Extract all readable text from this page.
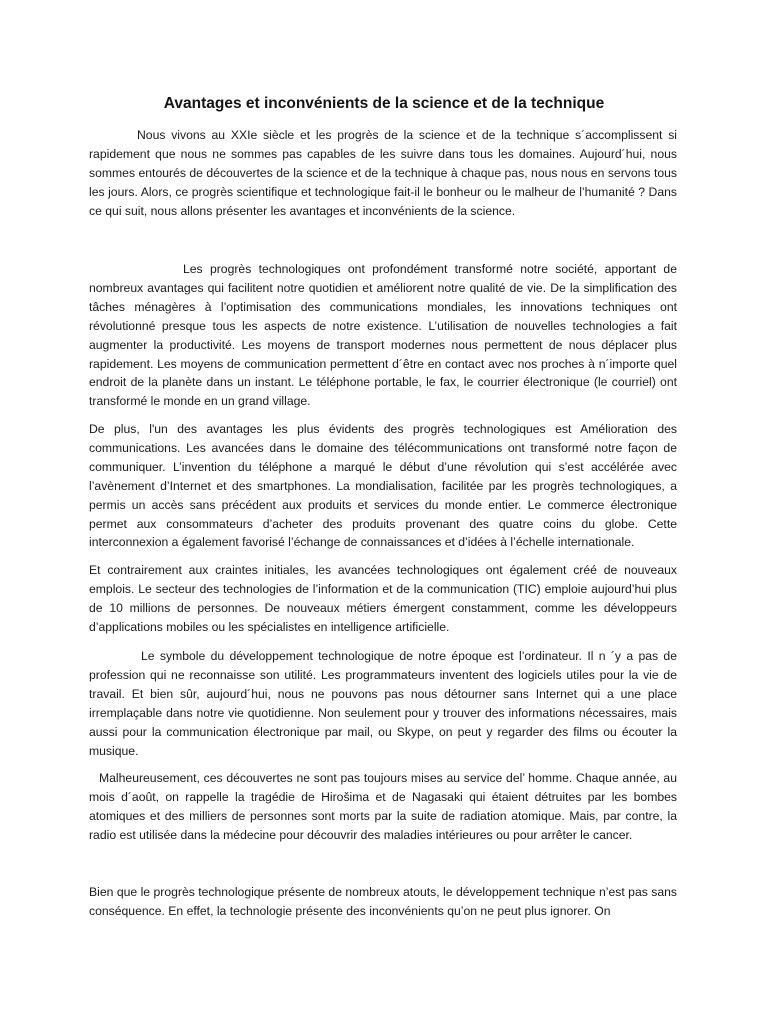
Avantages et inconvénients de la science et de la technique

Nous vivons au XXIe siècle et les progrès de la science et de la technique s´accomplissent si rapidement que nous ne sommes pas capables de les suivre dans tous les domaines. Aujourd´hui, nous sommes entourés de découvertes de la science et de la technique à chaque pas, nous nous en servons tous les jours. Alors, ce progrès scientifique et technologique fait-il le bonheur ou le malheur de l’humanité ? Dans ce qui suit, nous allons présenter les avantages et inconvénients de la science.

Les progrès technologiques ont profondément transformé notre société, apportant de nombreux avantages qui facilitent notre quotidien et améliorent notre qualité de vie. De la simplification des tâches ménagères à l’optimisation des communications mondiales, les innovations techniques ont révolutionné presque tous les aspects de notre existence. L’utilisation de nouvelles technologies a fait augmenter la productivité. Les moyens de transport modernes nous permettent de nous déplacer plus rapidement. Les moyens de communication permettent d´être en contact avec nos proches à n´importe quel endroit de la planète dans un instant. Le téléphone portable, le fax, le courrier électronique (le courriel) ont transformé le monde en un grand village.

De plus, l'un des avantages les plus évidents des progrès technologiques est Amélioration des communications. Les avancées dans le domaine des télécommunications ont transformé notre façon de communiquer. L’invention du téléphone a marqué le début d’une révolution qui s’est accélérée avec l’avènement d’Internet et des smartphones. La mondialisation, facilitée par les progrès technologiques, a permis un accès sans précédent aux produits et services du monde entier. Le commerce électronique permet aux consommateurs d’acheter des produits provenant des quatre coins du globe. Cette interconnexion a également favorisé l’échange de connaissances et d’idées à l’échelle internationale.

Et contrairement aux craintes initiales, les avancées technologiques ont également créé de nouveaux emplois. Le secteur des technologies de l’information et de la communication (TIC) emploie aujourd’hui plus de 10 millions de personnes. De nouveaux métiers émergent constamment, comme les développeurs d’applications mobiles ou les spécialistes en intelligence artificielle.

Le symbole du développement technologique de notre époque est l’ordinateur. Il n ´y a pas de profession qui ne reconnaisse son utilité. Les programmateurs inventent des logiciels utiles pour la vie de travail. Et bien sûr, aujourd´hui, nous ne pouvons pas nous détourner sans Internet qui a une place irremplaçable dans notre vie quotidienne. Non seulement pour y trouver des informations nécessaires, mais aussi pour la communication électronique par mail, ou Skype, on peut y regarder des films ou écouter la musique.

Malheureusement, ces découvertes ne sont pas toujours mises au service del’ homme. Chaque année, au mois d´août, on rappelle la tragédie de Hirošima et de Nagasaki qui étaient détruites par les bombes atomiques et des milliers de personnes sont morts par la suite de radiation atomique. Mais, par contre, la radio est utilisée dans la médecine pour découvrir des maladies intérieures ou pour arrêter le cancer.

Bien que le progrès technologique présente de nombreux atouts, le développement technique n’est pas sans conséquence. En effet, la technologie présente des inconvénients qu’on ne peut plus ignorer. On
